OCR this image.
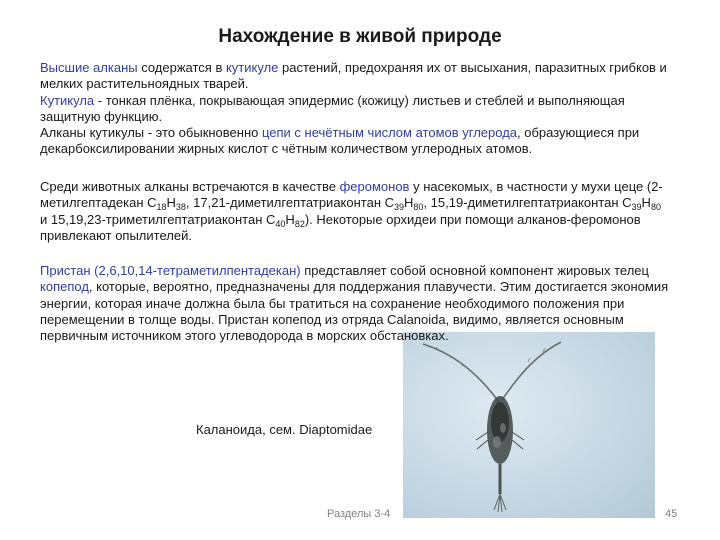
Нахождение в живой природе

Высшие алканы содержатся в кутикуле растений, предохраняя их от высыхания, паразитных грибков и мелких растительноядных тварей.
Кутикула - тонкая плёнка, покрывающая эпидермис (кожицу) листьев и стеблей и выполняющая защитную функцию.
Алканы кутикулы - это обыкновенно цепи с нечётным числом атомов углерода, образующиеся при декарбоксилировании жирных кислот с чётным количеством углеродных атомов.

Среди животных алканы встречаются в качестве феромонов у насекомых, в частности у мухи цеце (2-метилгептадекан $С_{18}Н_{38}$, 17,21-диметилгептатриаконтан $С_{39}Н_{80}$, 15,19-диметилгептатриаконтан $С_{39}Н_{80}$ и 15,19,23-триметилгептатриаконтан $С_{40}Н_{82}$). Некоторые орхидеи при помощи алканов-феромонов привлекают опылителей.

Пристан (2,6,10,14-тетраметилпентадекан) представляет собой основной компонент жировых телец копепод, которые, вероятно, предназначены для поддержания плавучести. Этим достигается экономия энергии, которая иначе должна была бы тратиться на сохранение необходимого положения при перемещении в толще воды. Пристан копепод из отряда Calanoida, видимо, является основным первичным источником этого углеводорода в морских обстановках.

Каланоида, сем. Diaptomidae
Разделы 3-4	45
